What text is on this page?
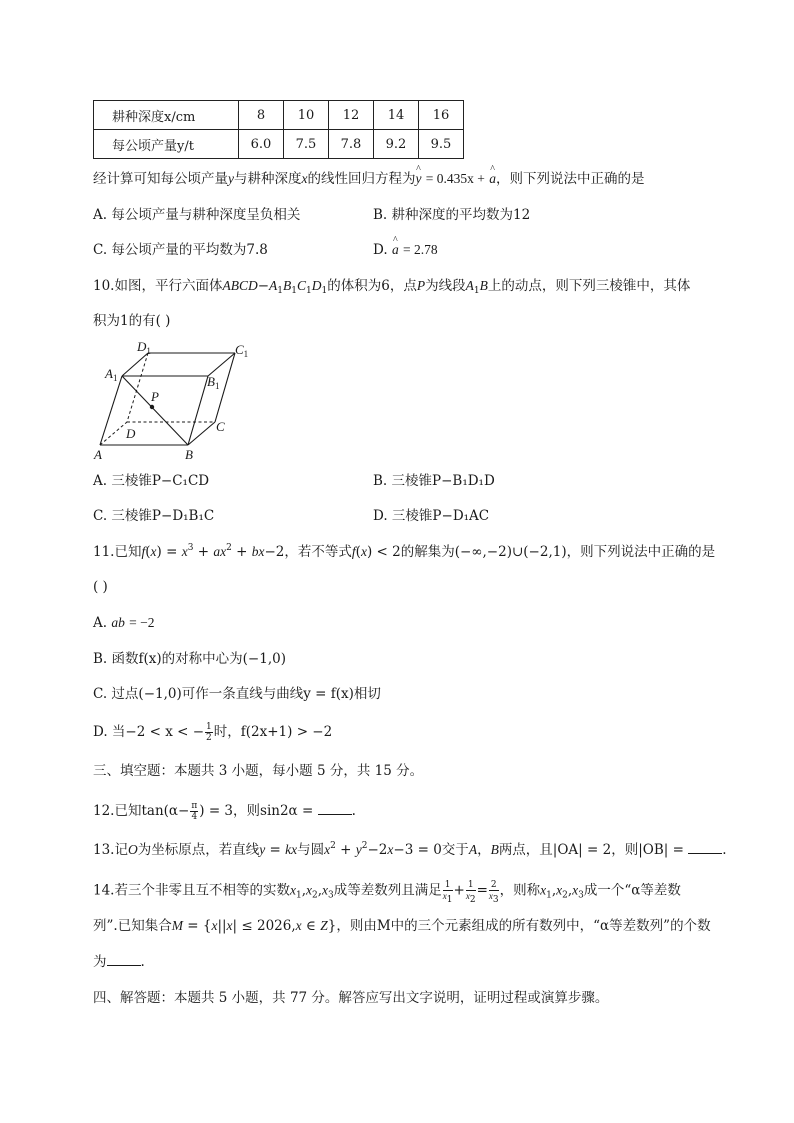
耕种深度x/cm	8	10	12	14	16
每公顷产量y/t	6.0	7.5	7.8	9.2	9.5
经计算可知每公顷产量y与耕种深度x的线性回归方程为^ y = 0.435x + ^ a，则下列说法中正确的是
A. 每公顷产量与耕种深度呈负相关	B. 耕种深度的平均数为12
C. 每公顷产量的平均数为7.8	D. ^ a = 2.78
10.如图，平行六面体$ABCD-A_1B_1C_1D_1$的体积为6，点P为线段$A_1B$上的动点，则下列三棱锥中，其体
积为1的有( )
$D_1$	$C_1$
$A_1$	$B_1$
P
D	C
A	B
A. 三棱锥P−C₁CD	B. 三棱锥P−B₁D₁D
C. 三棱锥P−D₁B₁C	D. 三棱锥P−D₁AC
11.已知$f(x) = x^3 + ax^2 + bx-2$，若不等式f(x) < 2的解集为(−∞,−2)∪(−2,1)，则下列说法中正确的是
( )
A. ab = −2
B. 函数f(x)的对称中心为(−1,0)
C. 过点(−1,0)可作一条直线与曲线y = f(x)相切
D. 当−2 < x < − $\frac{1}{2}$ 时，f(2x+1) > −2
三、填空题：本题共 3 小题，每小题 5 分，共 15 分。
12.已知$\tan(\alpha- \frac{\pi}{4}$ ) = 3，则sin2α =	.
13.记O为坐标原点，若直线y = kx与圆$x^2 + y^2-2x-3 = 0$交于A，B两点，且|OA| = 2，则|OB| =	.
14.若三个非零且互不相等的实数$x_1,x_2,x_3$成等差数列且满足 $\frac{1}{x_1} + \frac{1}{x_2} = \frac{2}{x_3}$ ，则称$x_1,x_2,x_3$成一个“α等差数
列”.已知集合M = {x||x| ≤ 2026,x ∈ Z}，则由M中的三个元素组成的所有数列中，“α等差数列”的个数
为	.
四、解答题：本题共 5 小题，共 77 分。解答应写出文字说明，证明过程或演算步骤。
